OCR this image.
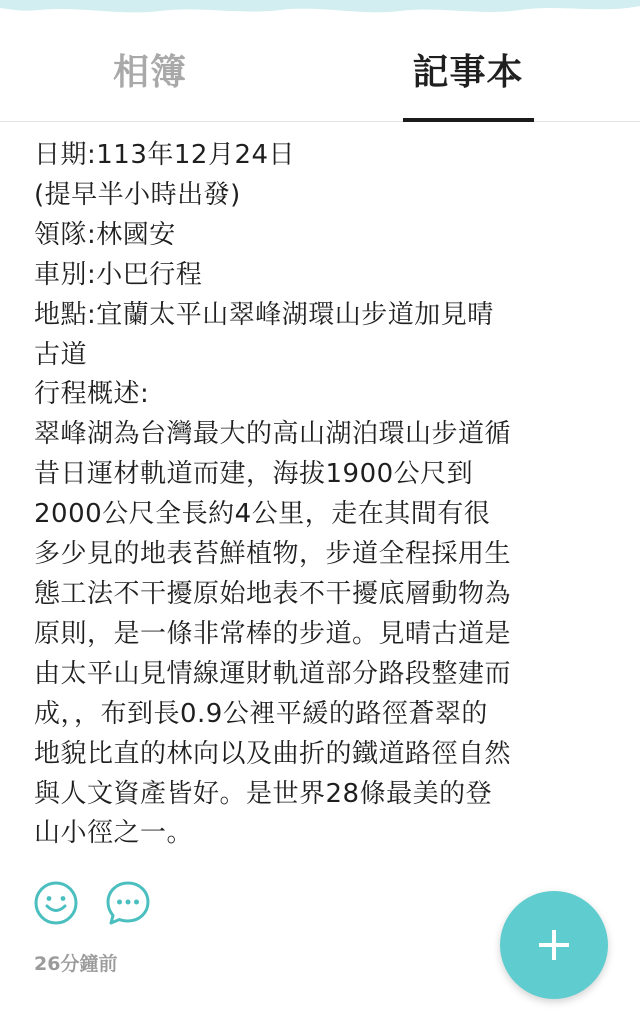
相簿	記事本
日期:113年12月24日
(提早半小時出發)
領隊:林國安
車別:小巴行程
地點:宜蘭太平山翠峰湖環山步道加見晴
古道
行程概述:
翠峰湖為台灣最大的高山湖泊環山步道循
昔日運材軌道而建，海拔1900公尺到
2000公尺全長約4公里，走在其間有很
多少見的地表苔鮮植物，步道全程採用生
態工法不干擾原始地表不干擾底層動物為
原則，是一條非常棒的步道。見晴古道是
由太平山見情線運財軌道部分路段整建而
成，，布到長0.9公裡平緩的路徑蒼翠的
地貌比直的林向以及曲折的鐵道路徑自然
與人文資產皆好。是世界28條最美的登
山小徑之一。
26分鐘前
